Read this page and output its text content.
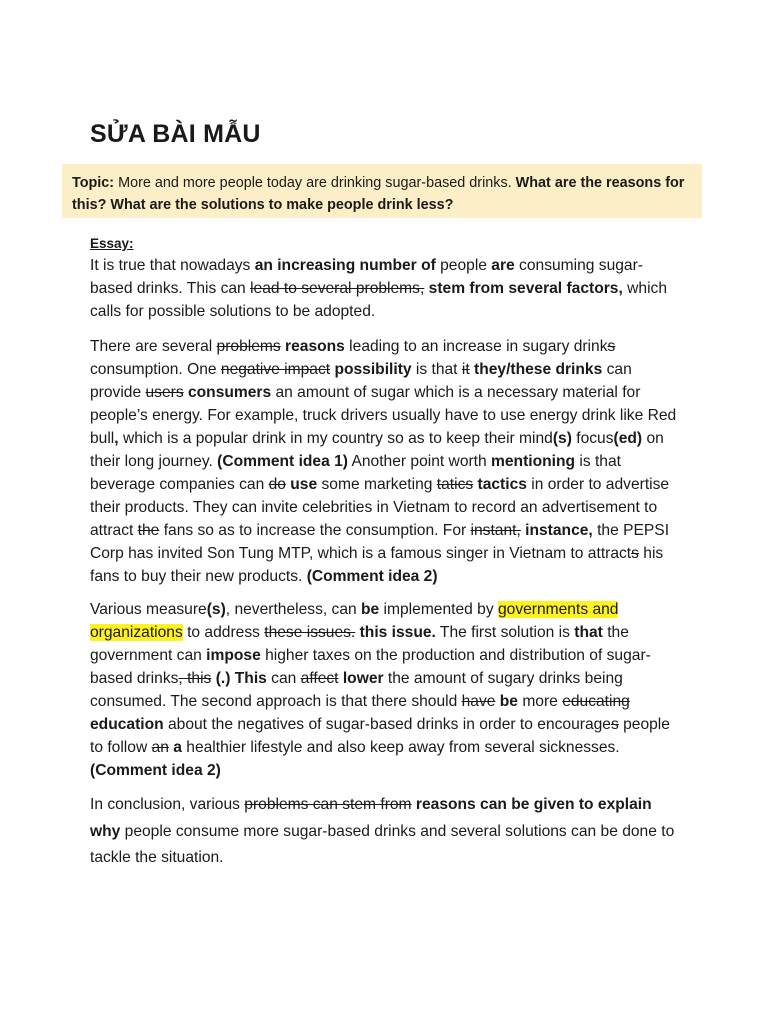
SỬA BÀI MẪU
Topic: More and more people today are drinking sugar-based drinks. What are the reasons for this? What are the solutions to make people drink less?
Essay:

It is true that nowadays an increasing number of people are consuming sugar-based drinks. This can lead to several problems, stem from several factors, which calls for possible solutions to be adopted.

There are several problems reasons leading to an increase in sugary drinks consumption. One negative impact possibility is that it they/these drinks can provide users consumers an amount of sugar which is a necessary material for people’s energy. For example, truck drivers usually have to use energy drink like Red bull, which is a popular drink in my country so as to keep their mind(s) focus(ed) on their long journey. (Comment idea 1) Another point worth mentioning is that beverage companies can do use some marketing tatics tactics in order to advertise their products. They can invite celebrities in Vietnam to record an advertisement to attract the fans so as to increase the consumption. For instant, instance, the PEPSI Corp has invited Son Tung MTP, which is a famous singer in Vietnam to attracts his fans to buy their new products. (Comment idea 2)

Various measure(s), nevertheless, can be implemented by governments and organizations to address these issues. this issue. The first solution is that the government can impose higher taxes on the production and distribution of sugar-based drinks, this (.) This can affect lower the amount of sugary drinks being consumed. The second approach is that there should have be more educating education about the negatives of sugar-based drinks in order to encourages people to follow an a healthier lifestyle and also keep away from several sicknesses. (Comment idea 2)

In conclusion, various problems can stem from reasons can be given to explain why people consume more sugar-based drinks and several solutions can be done to tackle the situation.
